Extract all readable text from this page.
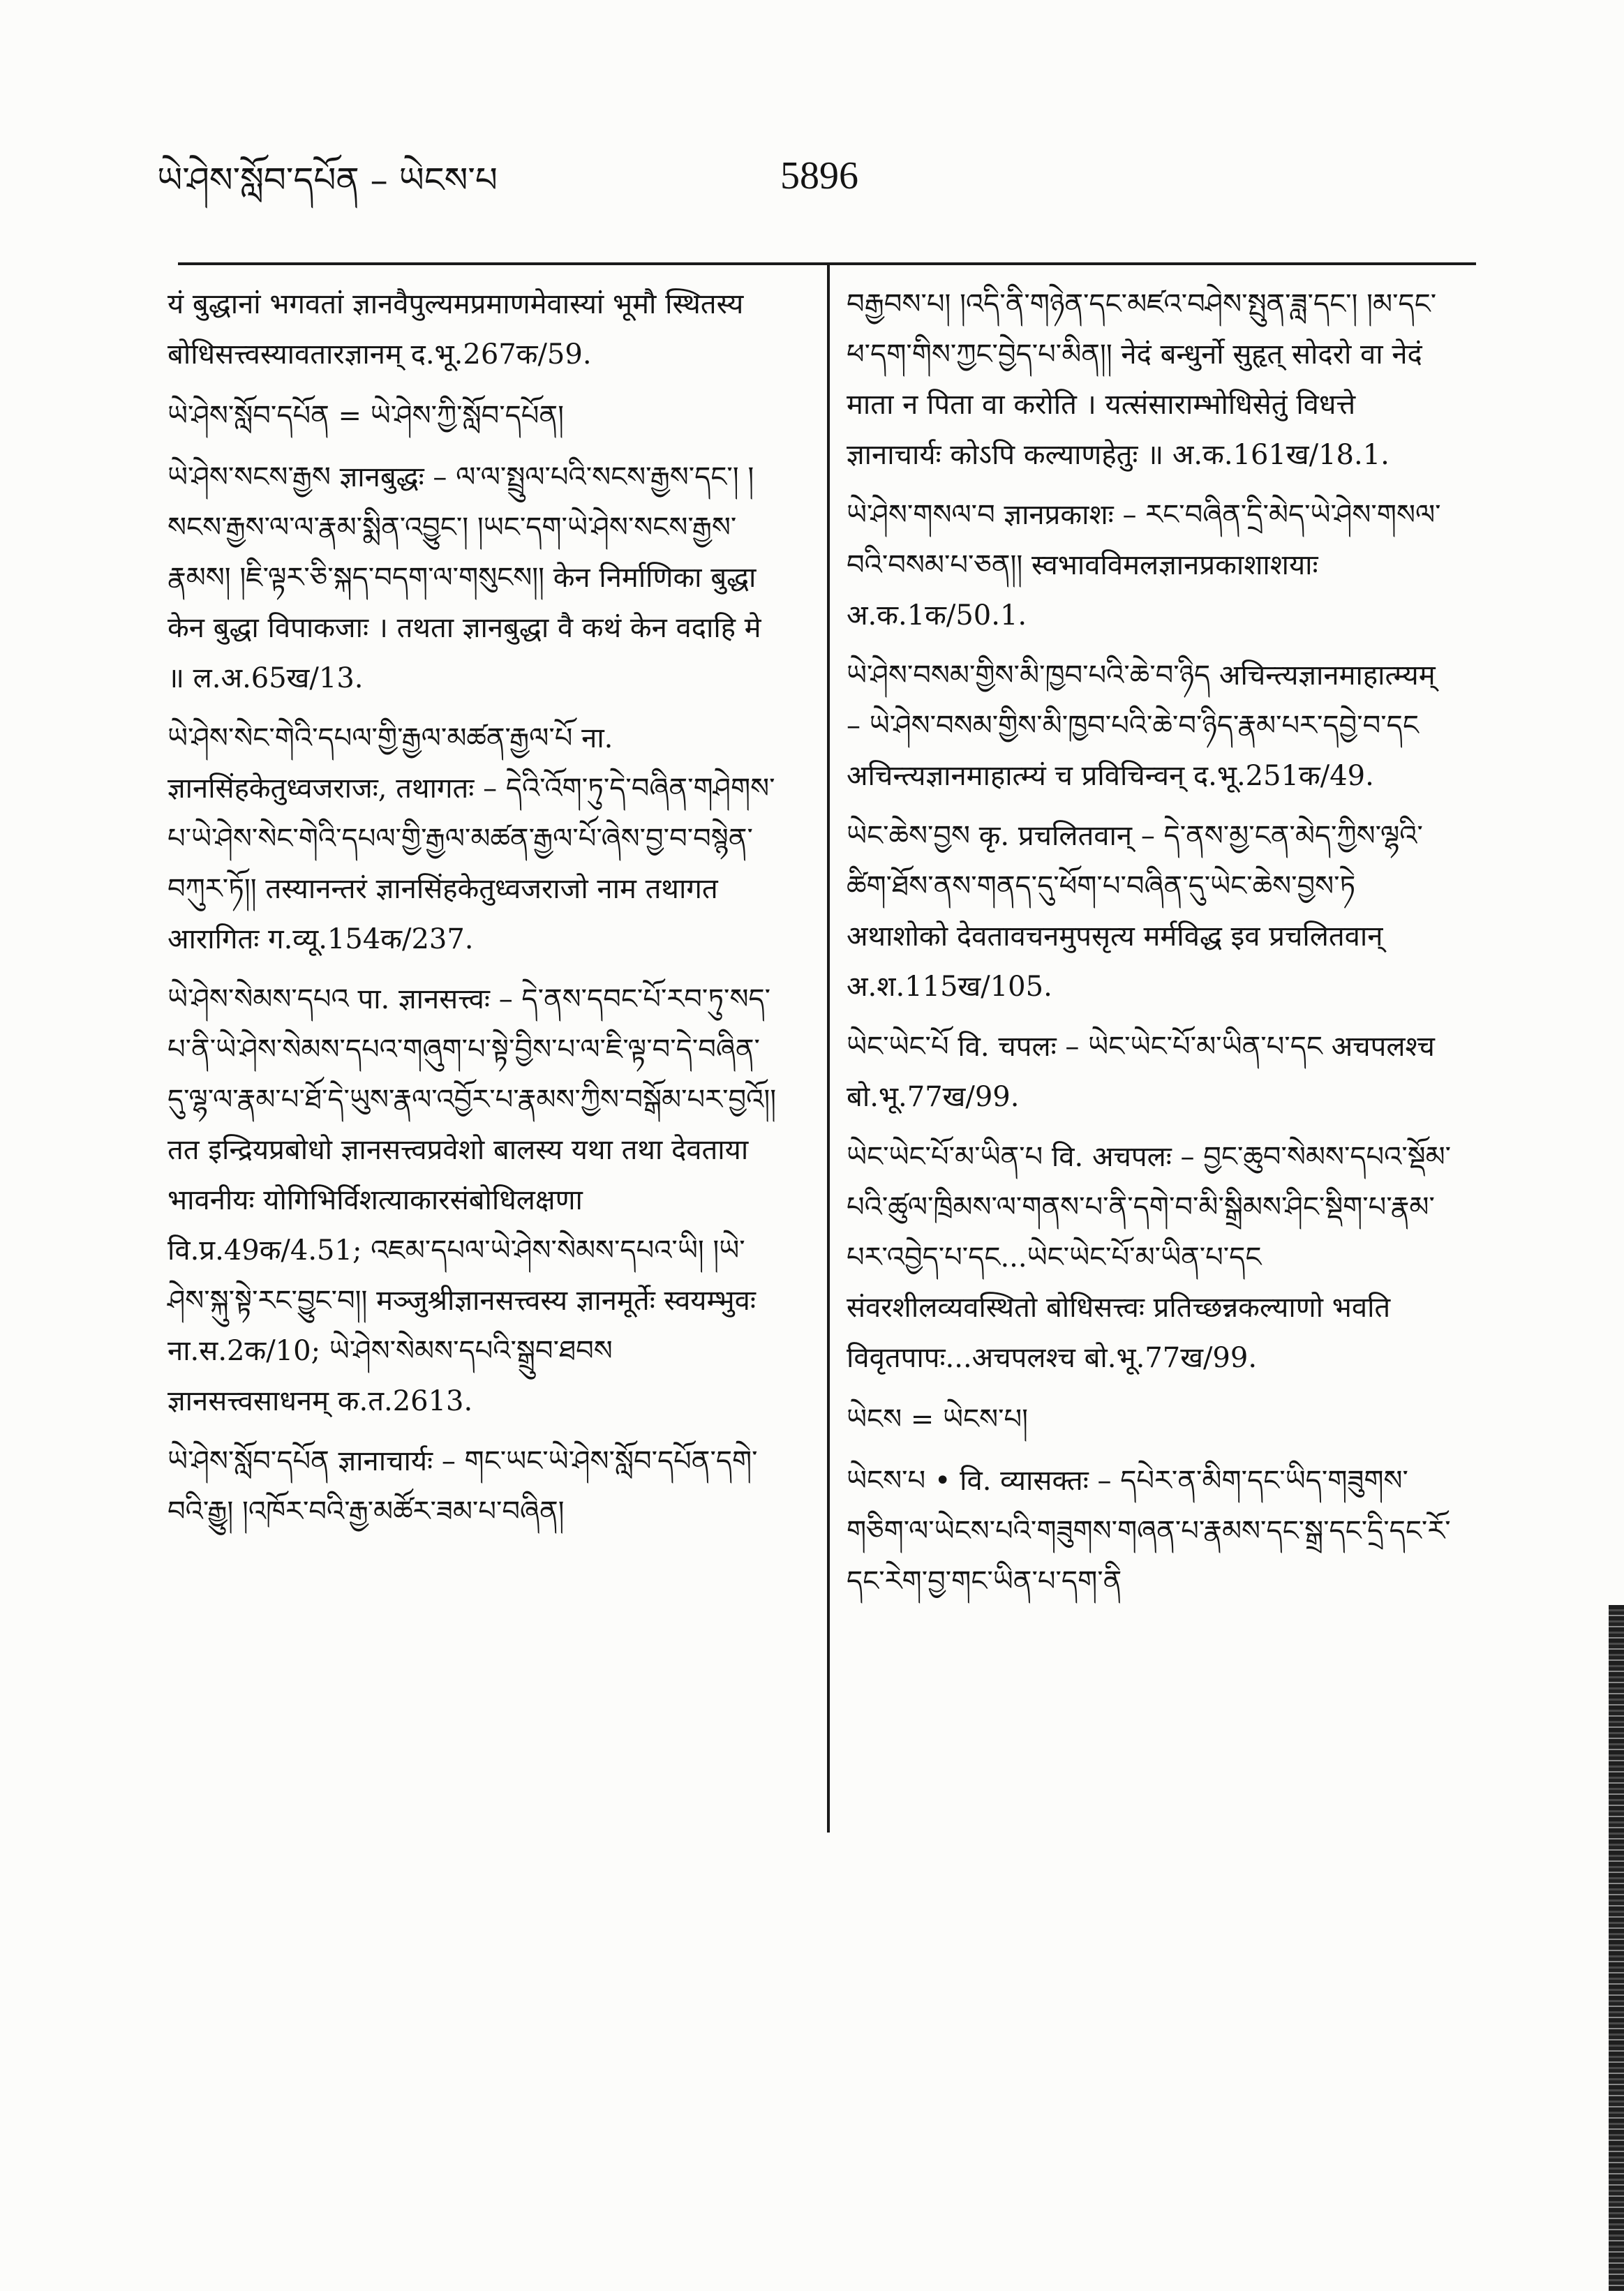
ཡེ་ཤེས་སློབ་དཔོན – ཡེངས་པ	5896

यं बुद्धानां भगवतां ज्ञानवैपुल्यमप्रमाणमेवास्यां भूमौ स्थितस्य बोधिसत्त्वस्यावतारज्ञानम् द.भू.267क/59.

ཡེ་ཤེས་སློབ་དཔོན = ཡེ་ཤེས་ཀྱི་སློབ་དཔོན།

ཡེ་ཤེས་སངས་རྒྱས ज्ञानबुद्धः – ལ་ལ་སྤྲུལ་པའི་སངས་རྒྱས་དང་། །སངས་རྒྱས་ལ་ལ་རྣམ་སྨིན་འབྱུང་། །ཡང་དག་ཡེ་ཤེས་སངས་རྒྱས་རྣམས། །ཇི་ལྟར་ཅི་སྐད་བདག་ལ་གསུངས།། केन निर्माणिका बुद्धा केन बुद्धा विपाकजाः । तथता ज्ञानबुद्धा वै कथं केन वदाहि मे ॥ ल.अ.65ख/13.

ཡེ་ཤེས་སེང་གེའི་དཔལ་གྱི་རྒྱལ་མཚན་རྒྱལ་པོ ना. ज्ञानसिंहकेतुध्वजराजः, तथागतः – དེའི་འོག་ཏུ་དེ་བཞིན་གཤེགས་པ་ཡེ་ཤེས་སེང་གེའི་དཔལ་གྱི་རྒྱལ་མཚན་རྒྱལ་པོ་ཞེས་བྱ་བ་བསྙེན་བཀུར་ཏོ།། तस्यानन्तरं ज्ञानसिंहकेतुध्वजराजो नाम तथागत आरागितः ग.व्यू.154क/237.

ཡེ་ཤེས་སེམས་དཔའ पा. ज्ञानसत्त्वः – དེ་ནས་དབང་པོ་རབ་ཏུ་སད་པ་ནི་ཡེ་ཤེས་སེམས་དཔའ་གཞུག་པ་སྟེ་བྱིས་པ་ལ་ཇི་ལྟ་བ་དེ་བཞིན་དུ་ལྷ་ལ་རྣམ་པ་ཐོ་དེ་ཡུས་རྣལ་འབྱོར་པ་རྣམས་ཀྱིས་བསྒོམ་པར་བྱའོ།། तत इन्द्रियप्रबोधो ज्ञानसत्त्वप्रवेशो बालस्य यथा तथा देवताया भावनीयः योगिभिर्विशत्याकारसंबोधिलक्षणा वि.प्र.49क/4.51; འཇམ་དཔལ་ཡེ་ཤེས་སེམས་དཔའ་ཡི། །ཡེ་ཤེས་སྐུ་སྟེ་རང་བྱུང་བ།། मञ्जुश्रीज्ञानसत्त्वस्य ज्ञानमूर्तेः स्वयम्भुवः ना.स.2क/10; ཡེ་ཤེས་སེམས་དཔའི་སྒྲུབ་ཐབས ज्ञानसत्त्वसाधनम् क.त.2613.

ཡེ་ཤེས་སློབ་དཔོན ज्ञानाचार्यः – གང་ཡང་ཡེ་ཤེས་སློབ་དཔོན་དགེ་བའི་རྒྱུ། །འཁོར་བའི་རྒྱ་མཚོར་ཟམ་པ་བཞིན།

བརྒྱབས་པ། །འདི་ནི་གཉེན་དང་མཛའ་བཤེས་སྤུན་ཟླ་དང་། །མ་དང་ཕ་དག་གིས་ཀྱང་བྱེད་པ་མིན།། नेदं बन्धुर्नो सुहृत् सोदरो वा नेदं माता न पिता वा करोति । यत्संसाराम्भोधिसेतुं विधत्ते ज्ञानाचार्यः कोऽपि कल्याणहेतुः ॥ अ.क.161ख/18.1.

ཡེ་ཤེས་གསལ་བ ज्ञानप्रकाशः – རང་བཞིན་དྲི་མེད་ཡེ་ཤེས་གསལ་བའི་བསམ་པ་ཅན།། स्वभावविमलज्ञानप्रकाशाशयाः अ.क.1क/50.1.

ཡེ་ཤེས་བསམ་གྱིས་མི་ཁྱབ་པའི་ཆེ་བ་ཉིད अचिन्त्यज्ञानमाहात्म्यम् – ཡེ་ཤེས་བསམ་གྱིས་མི་ཁྱབ་པའི་ཆེ་བ་ཉིད་རྣམ་པར་དབྱེ་བ་དང अचिन्त्यज्ञानमाहात्म्यं च प्रविचिन्वन् द.भू.251क/49.

ཡེང་ཆེས་བྱས कृ. प्रचलितवान् – དེ་ནས་མྱ་ངན་མེད་ཀྱིས་ལྷའི་ཚིག་ཐོས་ནས་གནད་དུ་ཕོག་པ་བཞིན་དུ་ཡེང་ཆེས་བྱས་ཏེ अथाशोको देवतावचनमुपसृत्य मर्मविद्ध इव प्रचलितवान् अ.श.115ख/105.

ཡེང་ཡེང་པོ वि. चपलः – ཡེང་ཡེང་པོ་མ་ཡིན་པ་དང अचपलश्च बो.भू.77ख/99.

ཡེང་ཡེང་པོ་མ་ཡིན་པ वि. अचपलः – བྱང་ཆུབ་སེམས་དཔའ་སྡོམ་པའི་ཚུལ་ཁྲིམས་ལ་གནས་པ་ནི་དགེ་བ་མི་སྒྲིམས་ཤིང་སྡིག་པ་རྣམ་པར་འབྱེད་པ་དང...ཡེང་ཡེང་པོ་མ་ཡིན་པ་དང संवरशीलव्यवस्थितो बोधिसत्त्वः प्रतिच्छन्नकल्याणो भवति विवृतपापः...अचपलश्च बो.भू.77ख/99.

ཡེངས = ཡེངས་པ།

ཡེངས་པ • वि. व्यासक्तः – དཔེར་ན་མིག་དང་ཡིད་གཟུགས་གཅིག་ལ་ཡེངས་པའི་གཟུགས་གཞན་པ་རྣམས་དང་སྒྲ་དང་དྲི་དང་རོ་དང་རེག་བྱ་གང་ཡིན་པ་དག་ནི
